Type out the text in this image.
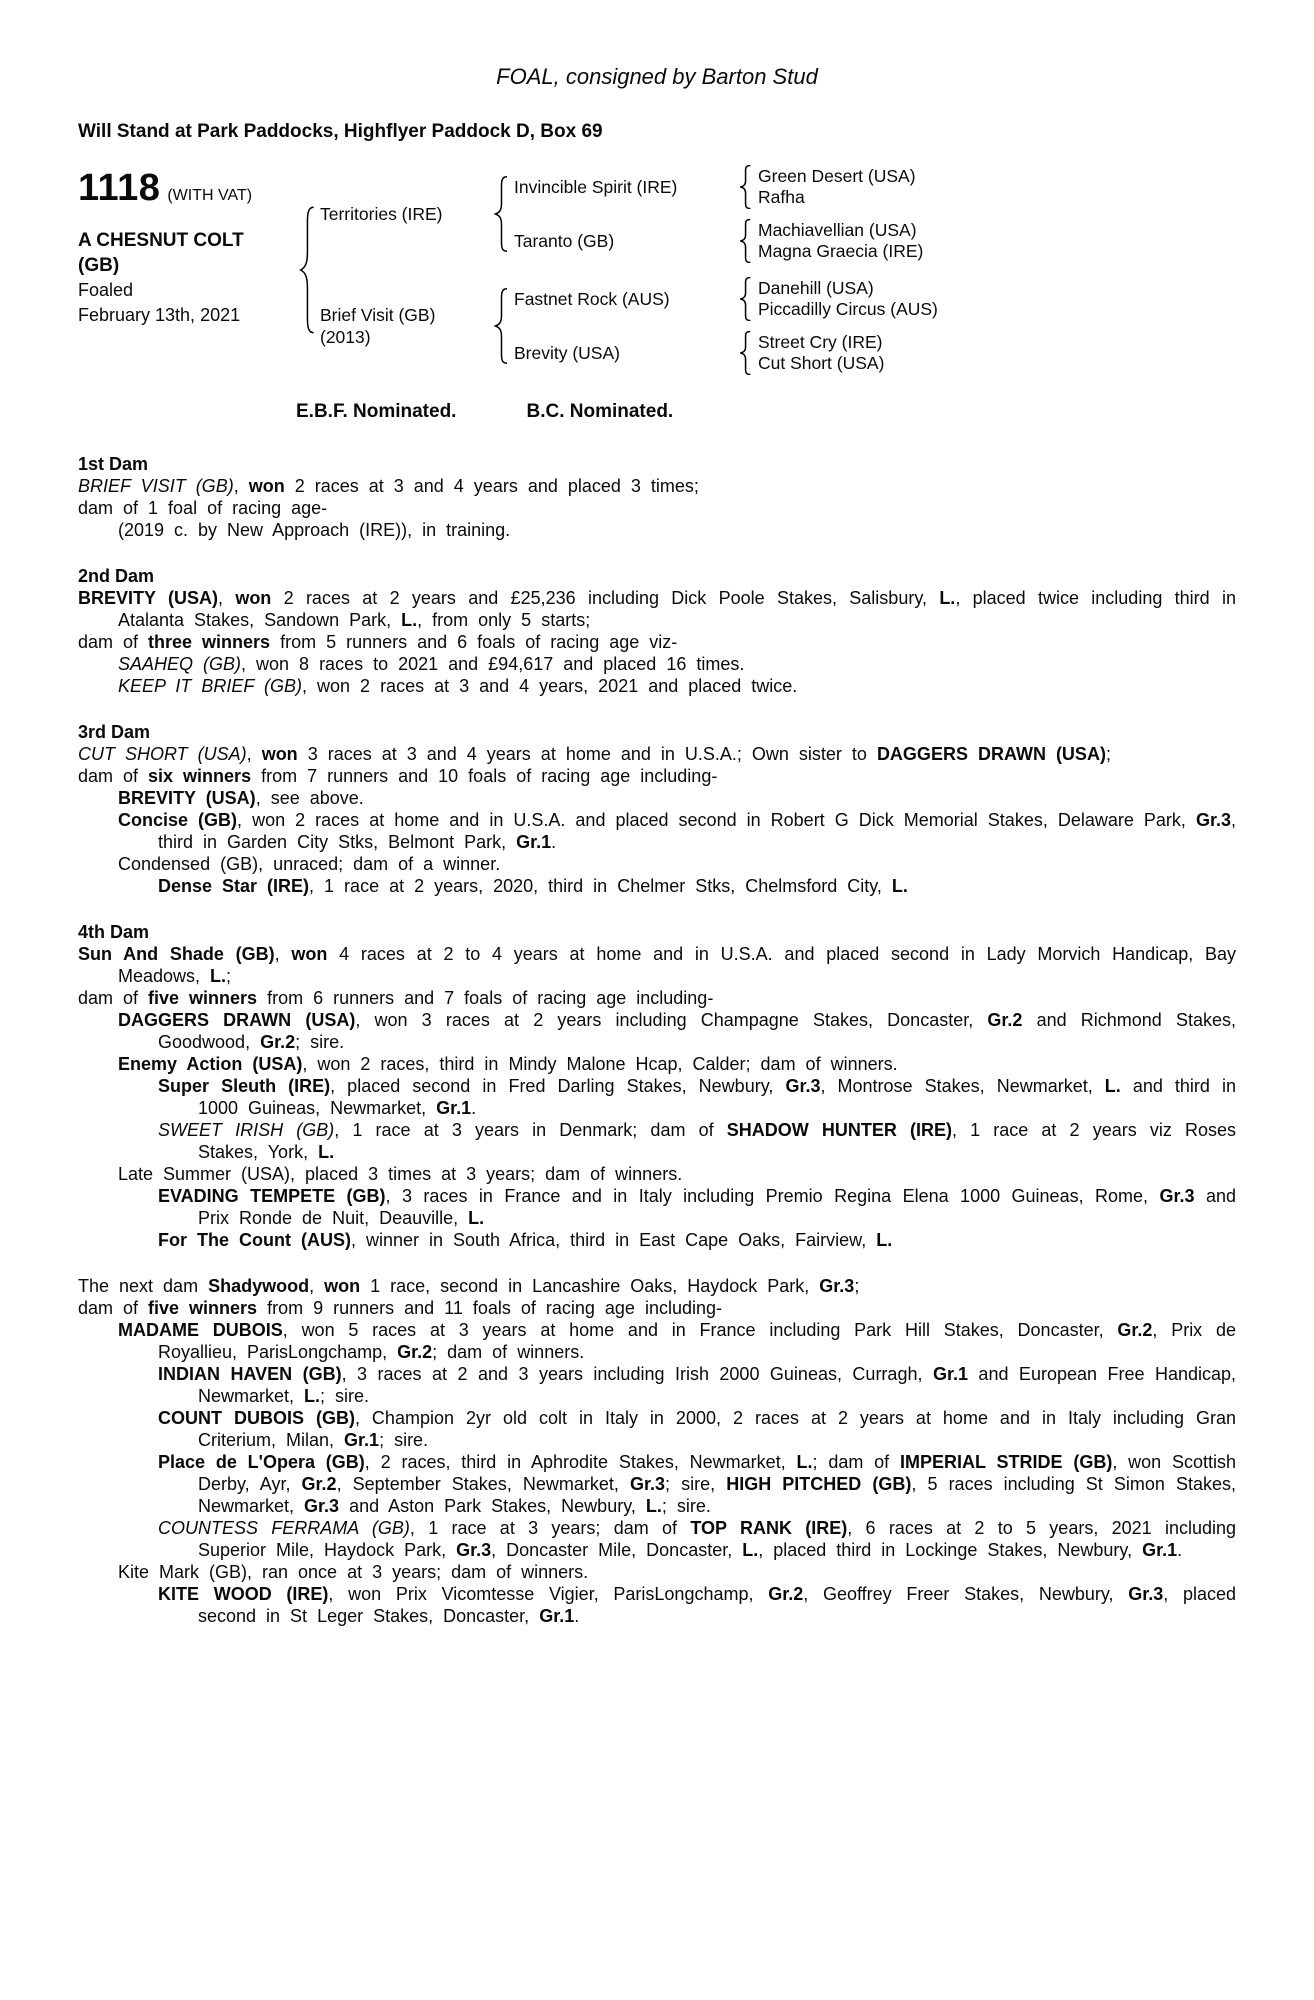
FOAL, consigned by Barton Stud
Will Stand at Park Paddocks, Highflyer Paddock D, Box 69
1118 (WITH VAT)
A CHESNUT COLT
(GB)
Foaled
February 13th, 2021
Territories (IRE)
Invincible Spirit (IRE)
Green Desert (USA)
Rafha
Taranto (GB)
Machiavellian (USA)
Magna Graecia (IRE)
Brief Visit (GB)
(2013)
Fastnet Rock (AUS)
Danehill (USA)
Piccadilly Circus (AUS)
Brevity (USA)
Street Cry (IRE)
Cut Short (USA)
E.B.F. Nominated.	B.C. Nominated.
1st Dam

BRIEF VISIT (GB), won 2 races at 3 and 4 years and placed 3 times;

dam of 1 foal of racing age-

(2019 c. by New Approach (IRE)), in training.

2nd Dam

BREVITY (USA), won 2 races at 2 years and £25,236 including Dick Poole Stakes, Salisbury, L., placed twice including third in Atalanta Stakes, Sandown Park, L., from only 5 starts;

dam of three winners from 5 runners and 6 foals of racing age viz-

SAAHEQ (GB), won 8 races to 2021 and £94,617 and placed 16 times.

KEEP IT BRIEF (GB), won 2 races at 3 and 4 years, 2021 and placed twice.

3rd Dam

CUT SHORT (USA), won 3 races at 3 and 4 years at home and in U.S.A.; Own sister to DAGGERS DRAWN (USA);

dam of six winners from 7 runners and 10 foals of racing age including-

BREVITY (USA), see above.

Concise (GB), won 2 races at home and in U.S.A. and placed second in Robert G Dick Memorial Stakes, Delaware Park, Gr.3, third in Garden City Stks, Belmont Park, Gr.1.

Condensed (GB), unraced; dam of a winner.

Dense Star (IRE), 1 race at 2 years, 2020, third in Chelmer Stks, Chelmsford City, L.

4th Dam

Sun And Shade (GB), won 4 races at 2 to 4 years at home and in U.S.A. and placed second in Lady Morvich Handicap, Bay Meadows, L.;

dam of five winners from 6 runners and 7 foals of racing age including-

DAGGERS DRAWN (USA), won 3 races at 2 years including Champagne Stakes, Doncaster, Gr.2 and Richmond Stakes, Goodwood, Gr.2; sire.

Enemy Action (USA), won 2 races, third in Mindy Malone Hcap, Calder; dam of winners.

Super Sleuth (IRE), placed second in Fred Darling Stakes, Newbury, Gr.3, Montrose Stakes, Newmarket, L. and third in 1000 Guineas, Newmarket, Gr.1.

SWEET IRISH (GB), 1 race at 3 years in Denmark; dam of SHADOW HUNTER (IRE), 1 race at 2 years viz Roses Stakes, York, L.

Late Summer (USA), placed 3 times at 3 years; dam of winners.

EVADING TEMPETE (GB), 3 races in France and in Italy including Premio Regina Elena 1000 Guineas, Rome, Gr.3 and Prix Ronde de Nuit, Deauville, L.

For The Count (AUS), winner in South Africa, third in East Cape Oaks, Fairview, L.

The next dam Shadywood, won 1 race, second in Lancashire Oaks, Haydock Park, Gr.3;

dam of five winners from 9 runners and 11 foals of racing age including-

MADAME DUBOIS, won 5 races at 3 years at home and in France including Park Hill Stakes, Doncaster, Gr.2, Prix de Royallieu, ParisLongchamp, Gr.2; dam of winners.

INDIAN HAVEN (GB), 3 races at 2 and 3 years including Irish 2000 Guineas, Curragh, Gr.1 and European Free Handicap, Newmarket, L.; sire.

COUNT DUBOIS (GB), Champion 2yr old colt in Italy in 2000, 2 races at 2 years at home and in Italy including Gran Criterium, Milan, Gr.1; sire.

Place de L'Opera (GB), 2 races, third in Aphrodite Stakes, Newmarket, L.; dam of IMPERIAL STRIDE (GB), won Scottish Derby, Ayr, Gr.2, September Stakes, Newmarket, Gr.3; sire, HIGH PITCHED (GB), 5 races including St Simon Stakes, Newmarket, Gr.3 and Aston Park Stakes, Newbury, L.; sire.

COUNTESS FERRAMA (GB), 1 race at 3 years; dam of TOP RANK (IRE), 6 races at 2 to 5 years, 2021 including Superior Mile, Haydock Park, Gr.3, Doncaster Mile, Doncaster, L., placed third in Lockinge Stakes, Newbury, Gr.1.

Kite Mark (GB), ran once at 3 years; dam of winners.

KITE WOOD (IRE), won Prix Vicomtesse Vigier, ParisLongchamp, Gr.2, Geoffrey Freer Stakes, Newbury, Gr.3, placed second in St Leger Stakes, Doncaster, Gr.1.
